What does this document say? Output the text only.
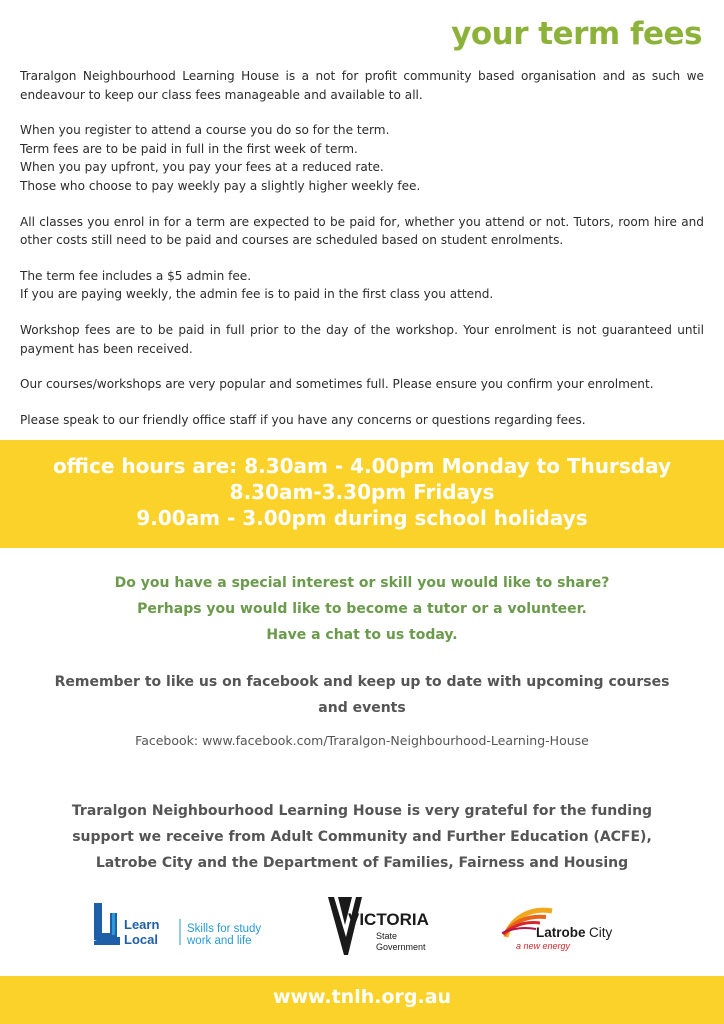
your term fees

Traralgon Neighbourhood Learning House is a not for profit community based organisation and as such we endeavour to keep our class fees manageable and available to all.

When you register to attend a course you do so for the term.
Term fees are to be paid in full in the first week of term.
When you pay upfront, you pay your fees at a reduced rate.
Those who choose to pay weekly pay a slightly higher weekly fee.

All classes you enrol in for a term are expected to be paid for, whether you attend or not. Tutors, room hire and other costs still need to be paid and courses are scheduled based on student enrolments.

The term fee includes a $5 admin fee.
If you are paying weekly, the admin fee is to paid in the first class you attend.

Workshop fees are to be paid in full prior to the day of the workshop. Your enrolment is not guaranteed until payment has been received.

Our courses/workshops are very popular and sometimes full. Please ensure you confirm your enrolment.

Please speak to our friendly office staff if you have any concerns or questions regarding fees.

office hours are: 8.30am - 4.00pm Monday to Thursday
8.30am-3.30pm Fridays
9.00am - 3.00pm during school holidays
Do you have a special interest or skill you would like to share?
Perhaps you would like to become a tutor or a volunteer.
Have a chat to us today.
Remember to like us on facebook and keep up to date with upcoming courses and events
Facebook: www.facebook.com/Traralgon-Neighbourhood-Learning-House
Traralgon Neighbourhood Learning House is very grateful for the funding
support we receive from Adult Community and Further Education (ACFE),
Latrobe City and the Department of Families, Fairness and Housing
Learn
Local
Skills for study
work and life
VICTORIA
State
Government
Latrobe City
a new energy
www.tnlh.org.au
